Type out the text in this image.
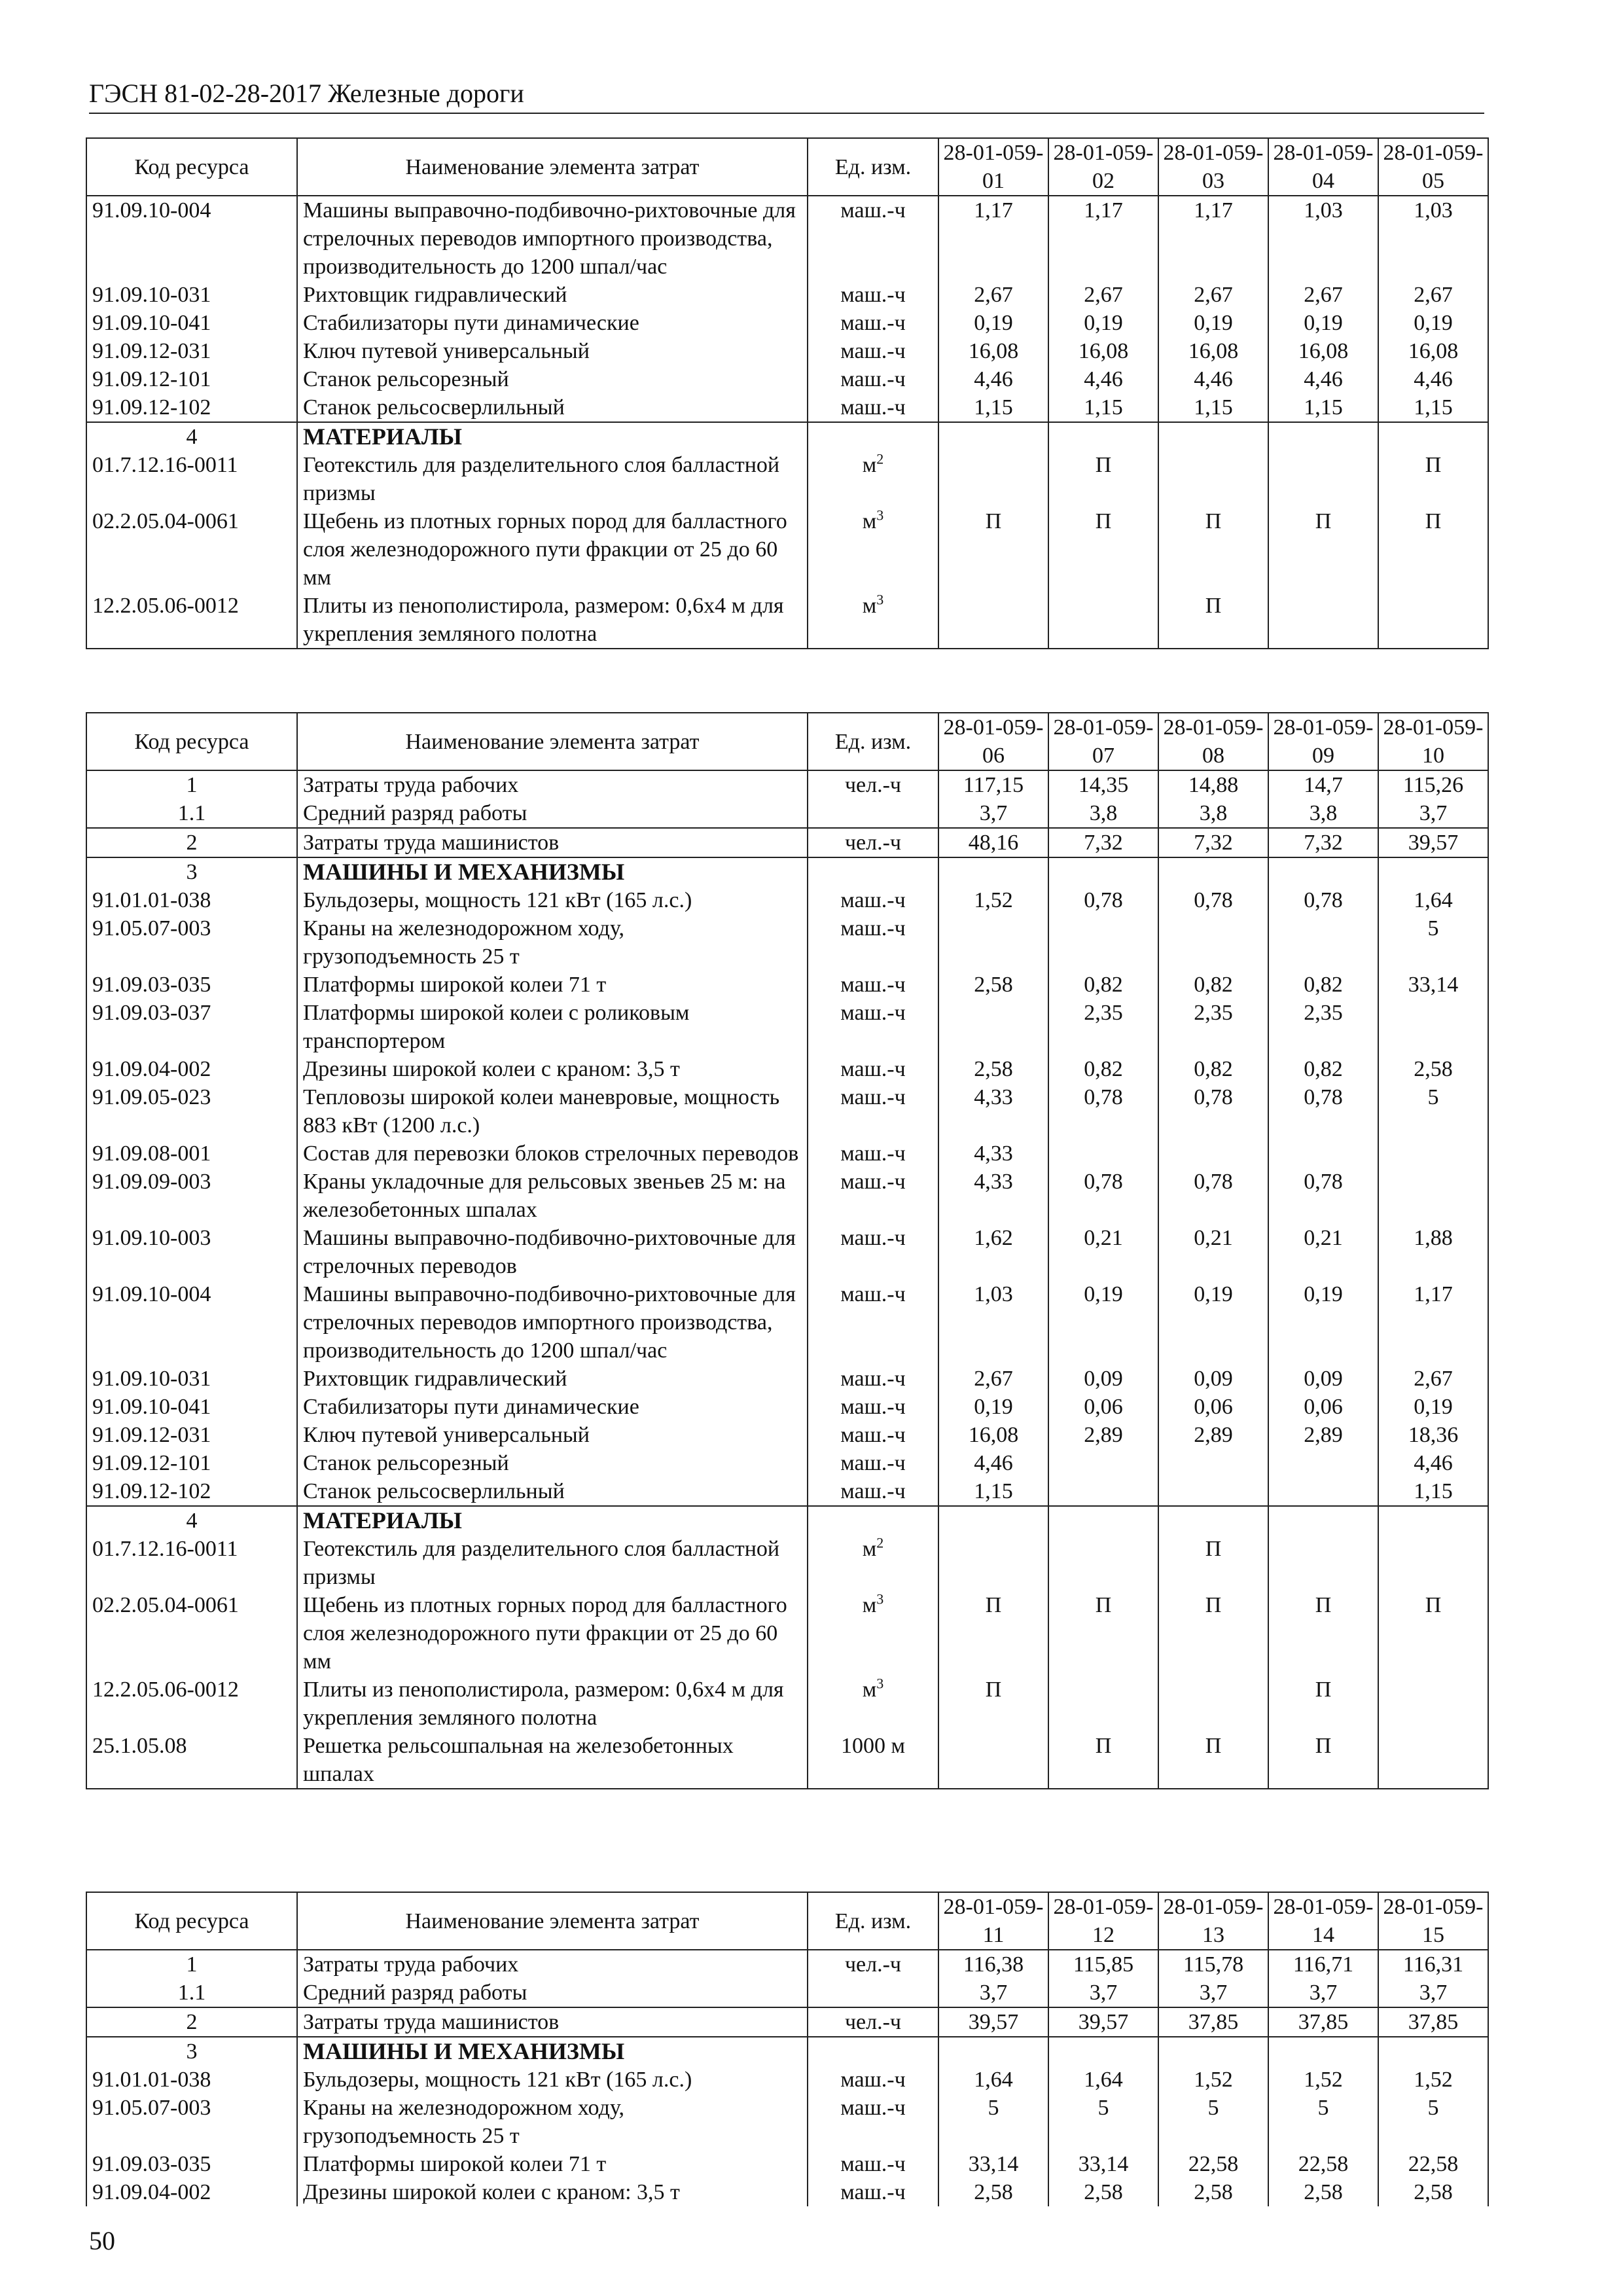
ГЭСН 81-02-28-2017 Железные дороги
Код ресурса	Наименование элемента затрат	Ед. изм.	28-01-059-01	28-01-059-02	28-01-059-03	28-01-059-04	28-01-059-05
91.09.10-004	Машины выправочно-подбивочно-рихтовочные для стрелочных переводов импортного производства, производительность до 1200 шпал/час	маш.-ч	1,17	1,17	1,17	1,03	1,03
91.09.10-031	Рихтовщик гидравлический	маш.-ч	2,67	2,67	2,67	2,67	2,67
91.09.10-041	Стабилизаторы пути динамические	маш.-ч	0,19	0,19	0,19	0,19	0,19
91.09.12-031	Ключ путевой универсальный	маш.-ч	16,08	16,08	16,08	16,08	16,08
91.09.12-101	Станок рельсорезный	маш.-ч	4,46	4,46	4,46	4,46	4,46
91.09.12-102	Станок рельсосверлильный	маш.-ч	1,15	1,15	1,15	1,15	1,15
4	МАТЕРИАЛЫ						
01.7.12.16-0011	Геотекстиль для разделительного слоя балластной призмы	$м^2$		П			П
02.2.05.04-0061	Щебень из плотных горных пород для балластного слоя железнодорожного пути фракции от 25 до 60 мм	$м^3$	П	П	П	П	П
12.2.05.06-0012	Плиты из пенополистирола, размером: 0,6х4 м для укрепления земляного полотна	$м^3$			П		
Код ресурса	Наименование элемента затрат	Ед. изм.	28-01-059-06	28-01-059-07	28-01-059-08	28-01-059-09	28-01-059-10
1	Затраты труда рабочих	чел.-ч	117,15	14,35	14,88	14,7	115,26
1.1	Средний разряд работы		3,7	3,8	3,8	3,8	3,7
2	Затраты труда машинистов	чел.-ч	48,16	7,32	7,32	7,32	39,57
3	МАШИНЫ И МЕХАНИЗМЫ						
91.01.01-038	Бульдозеры, мощность 121 кВт (165 л.с.)	маш.-ч	1,52	0,78	0,78	0,78	1,64
91.05.07-003	Краны на железнодорожном ходу, грузоподъемность 25 т	маш.-ч					5
91.09.03-035	Платформы широкой колеи 71 т	маш.-ч	2,58	0,82	0,82	0,82	33,14
91.09.03-037	Платформы широкой колеи с роликовым транспортером	маш.-ч		2,35	2,35	2,35	
91.09.04-002	Дрезины широкой колеи с краном: 3,5 т	маш.-ч	2,58	0,82	0,82	0,82	2,58
91.09.05-023	Тепловозы широкой колеи маневровые, мощность 883 кВт (1200 л.с.)	маш.-ч	4,33	0,78	0,78	0,78	5
91.09.08-001	Состав для перевозки блоков стрелочных переводов	маш.-ч	4,33				
91.09.09-003	Краны укладочные для рельсовых звеньев 25 м: на железобетонных шпалах	маш.-ч	4,33	0,78	0,78	0,78	
91.09.10-003	Машины выправочно-подбивочно-рихтовочные для стрелочных переводов	маш.-ч	1,62	0,21	0,21	0,21	1,88
91.09.10-004	Машины выправочно-подбивочно-рихтовочные для стрелочных переводов импортного производства, производительность до 1200 шпал/час	маш.-ч	1,03	0,19	0,19	0,19	1,17
91.09.10-031	Рихтовщик гидравлический	маш.-ч	2,67	0,09	0,09	0,09	2,67
91.09.10-041	Стабилизаторы пути динамические	маш.-ч	0,19	0,06	0,06	0,06	0,19
91.09.12-031	Ключ путевой универсальный	маш.-ч	16,08	2,89	2,89	2,89	18,36
91.09.12-101	Станок рельсорезный	маш.-ч	4,46				4,46
91.09.12-102	Станок рельсосверлильный	маш.-ч	1,15				1,15
4	МАТЕРИАЛЫ						
01.7.12.16-0011	Геотекстиль для разделительного слоя балластной призмы	$м^2$			П		
02.2.05.04-0061	Щебень из плотных горных пород для балластного слоя железнодорожного пути фракции от 25 до 60 мм	$м^3$	П	П	П	П	П
12.2.05.06-0012	Плиты из пенополистирола, размером: 0,6х4 м для укрепления земляного полотна	$м^3$	П			П	
25.1.05.08	Решетка рельсошпальная на железобетонных шпалах	1000 м		П	П	П	
Код ресурса	Наименование элемента затрат	Ед. изм.	28-01-059-11	28-01-059-12	28-01-059-13	28-01-059-14	28-01-059-15
1	Затраты труда рабочих	чел.-ч	116,38	115,85	115,78	116,71	116,31
1.1	Средний разряд работы		3,7	3,7	3,7	3,7	3,7
2	Затраты труда машинистов	чел.-ч	39,57	39,57	37,85	37,85	37,85
3	МАШИНЫ И МЕХАНИЗМЫ						
91.01.01-038	Бульдозеры, мощность 121 кВт (165 л.с.)	маш.-ч	1,64	1,64	1,52	1,52	1,52
91.05.07-003	Краны на железнодорожном ходу, грузоподъемность 25 т	маш.-ч	5	5	5	5	5
91.09.03-035	Платформы широкой колеи 71 т	маш.-ч	33,14	33,14	22,58	22,58	22,58
91.09.04-002	Дрезины широкой колеи с краном: 3,5 т	маш.-ч	2,58	2,58	2,58	2,58	2,58
50
